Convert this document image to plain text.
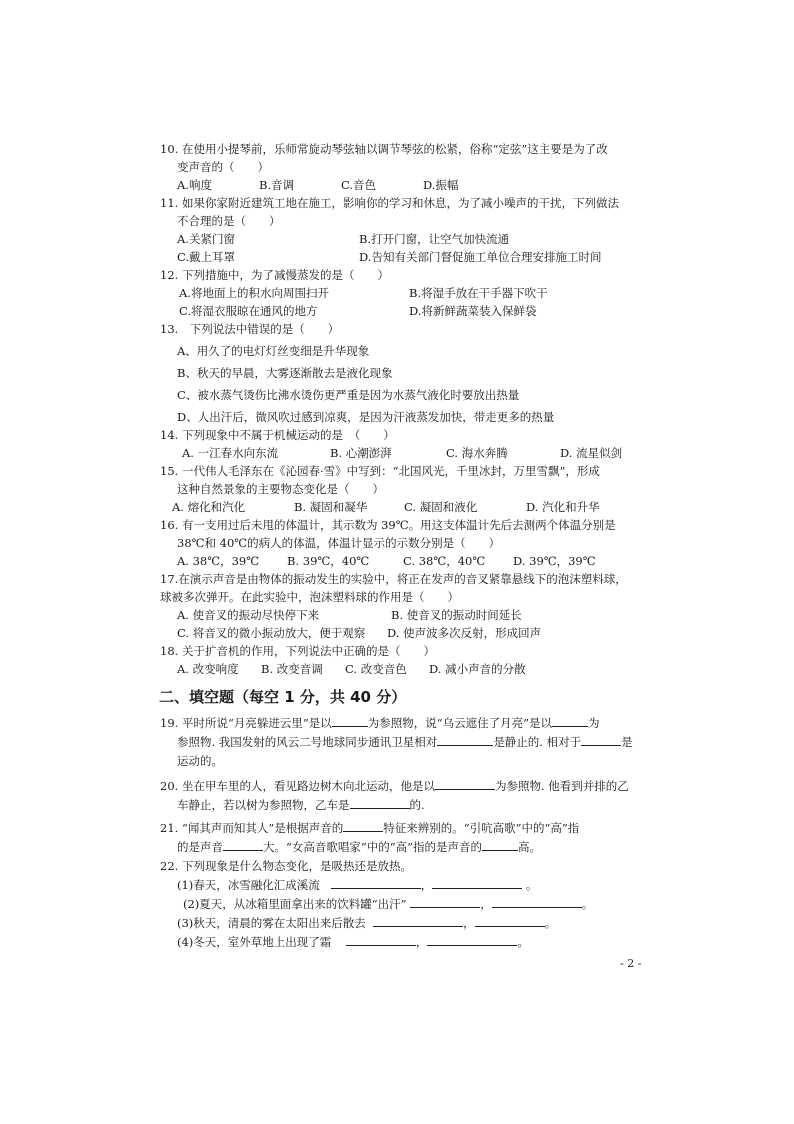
10. 在使用小提琴前，乐师常旋动琴弦轴以调节琴弦的松紧，俗称“定弦”这主要是为了改
变声音的（　　）
A.响度	B.音调	C.音色	D.振幅
11. 如果你家附近建筑工地在施工，影响你的学习和休息，为了减小噪声的干扰，下列做法
不合理的是（　　）
A.关紧门窗	B.打开门窗，让空气加快流通
C.戴上耳罩	D.告知有关部门督促施工单位合理安排施工时间
12. 下列措施中，为了减慢蒸发的是（　　）
A.将地面上的积水向周围扫开	B.将湿手放在干手器下吹干
C.将湿衣服晾在通风的地方	D.将新鲜蔬菜装入保鲜袋
13.　下列说法中错误的是（　　）
A、用久了的电灯灯丝变细是升华现象
B、秋天的早晨，大雾逐渐散去是液化现象
C、被水蒸气烫伤比沸水烫伤更严重是因为水蒸气液化时要放出热量
D、人出汗后，微风吹过感到凉爽，是因为汗液蒸发加快，带走更多的热量
14. 下列现象中不属于机械运动的是　（　　）
A. 一江春水向东流	B. 心潮澎湃	C. 海水奔腾	D. 流星似剑
15. 一代伟人毛泽东在《沁园春·雪》中写到：“北国风光，千里冰封，万里雪飘”，形成
这种自然景象的主要物态变化是（　　）
A. 熔化和汽化	B. 凝固和凝华	C. 凝固和液化	D. 汽化和升华
16. 有一支用过后未甩的体温计，其示数为 39℃。用这支体温计先后去测两个体温分别是
38℃和 40℃的病人的体温，体温计显示的示数分别是（　　）
A. 38℃，39℃	B. 39℃，40℃	C. 38℃，40℃	D. 39℃，39℃
17.在演示声音是由物体的振动发生的实验中，将正在发声的音叉紧靠悬线下的泡沫塑料球，
球被多次弹开。在此实验中，泡沫塑料球的作用是（　　）
A. 使音叉的振动尽快停下来	B. 使音叉的振动时间延长
C. 将音叉的微小振动放大，便于观察	D. 使声波多次反射，形成回声
18. 关于扩音机的作用，下列说法中正确的是（　　）
A. 改变响度	B. 改变音调	C. 改变音色	D. 减小声音的分散
二、填空题（每空 1 分，共 40 分）
19. 平时所说“月亮躲进云里”是以	为参照物，说“乌云遮住了月亮”是以	为
参照物. 我国发射的风云二号地球同步通讯卫星相对	是静止的. 相对于	是
运动的。
20. 坐在甲车里的人，看见路边树木向北运动，他是以	为参照物. 他看到并排的乙
车静止，若以树为参照物，乙车是	的.
21. “闻其声而知其人”是根据声音的	特征来辨别的。“引吭高歌”中的“高”指
的是声音	大。“女高音歌唱家”中的“高”指的是声音的	高。
22. 下列现象是什么物态变化，是吸热还是放热。
(1)春天，冰雪融化汇成溪流	，	。
(2)夏天，从冰箱里面拿出来的饮料罐“出汗”	，	。
(3)秋天，清晨的雾在太阳出来后散去	，	。
(4)冬天，室外草地上出现了霜	，	。
- 2 -
